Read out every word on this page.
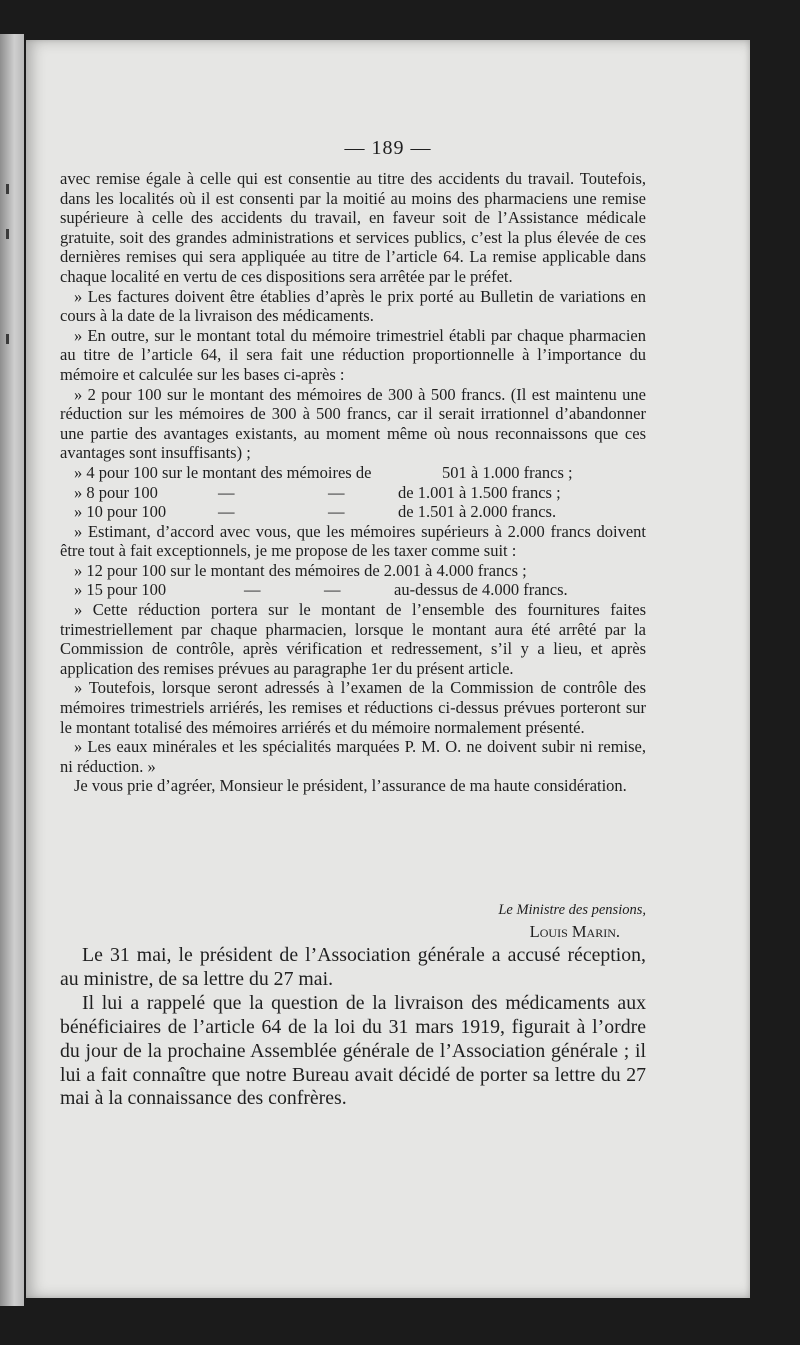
— 189 —

avec remise égale à celle qui est consentie au titre des accidents du travail. Toutefois, dans les localités où il est consenti par la moitié au moins des pharmaciens une remise supérieure à celle des accidents du travail, en faveur soit de l’Assistance médicale gratuite, soit des grandes administrations et services publics, c’est la plus élevée de ces dernières remises qui sera appliquée au titre de l’article 64. La remise applicable dans chaque localité en vertu de ces dispositions sera arrêtée par le préfet.

» Les factures doivent être établies d’après le prix porté au Bulletin de variations en cours à la date de la livraison des médicaments.

» En outre, sur le montant total du mémoire trimestriel établi par chaque pharmacien au titre de l’article 64, il sera fait une réduction proportionnelle à l’importance du mémoire et calculée sur les bases ci-après :

» 2 pour 100 sur le montant des mémoires de 300 à 500 francs. (Il est maintenu une réduction sur les mémoires de 300 à 500 francs, car il serait irrationnel d’abandonner une partie des avantages existants, au moment même où nous reconnaissons que ces avantages sont insuffisants) ;

» 4 pour 100 sur le montant des mémoires de	501 à 1.000 francs ;
» 8 pour 100	—	—	de 1.001 à 1.500 francs ;
» 10 pour 100	—	—	de 1.501 à 2.000 francs.

» Estimant, d’accord avec vous, que les mémoires supérieurs à 2.000 francs doivent être tout à fait exceptionnels, je me propose de les taxer comme suit :

» 12 pour 100 sur le montant des mémoires de 2.001 à 4.000 francs ;
» 15 pour 100	—	—	au-dessus de 4.000 francs.

» Cette réduction portera sur le montant de l’ensemble des fournitures faites trimestriellement par chaque pharmacien, lorsque le montant aura été arrêté par la Commission de contrôle, après vérification et redressement, s’il y a lieu, et après application des remises prévues au paragraphe 1er du présent article.

» Toutefois, lorsque seront adressés à l’examen de la Commission de contrôle des mémoires trimestriels arriérés, les remises et réductions ci-dessus prévues porteront sur le montant totalisé des mémoires arriérés et du mémoire normalement présenté.

» Les eaux minérales et les spécialités marquées P. M. O. ne doivent subir ni remise, ni réduction. »

Je vous prie d’agréer, Monsieur le président, l’assurance de ma haute considération.

Le Ministre des pensions,
Louis Marin.

Le 31 mai, le président de l’Association générale a accusé réception, au ministre, de sa lettre du 27 mai.

Il lui a rappelé que la question de la livraison des médicaments aux bénéficiaires de l’article 64 de la loi du 31 mars 1919, figurait à l’ordre du jour de la prochaine Assemblée générale de l’Association générale ; il lui a fait connaître que notre Bureau avait décidé de porter sa lettre du 27 mai à la connaissance des confrères.
